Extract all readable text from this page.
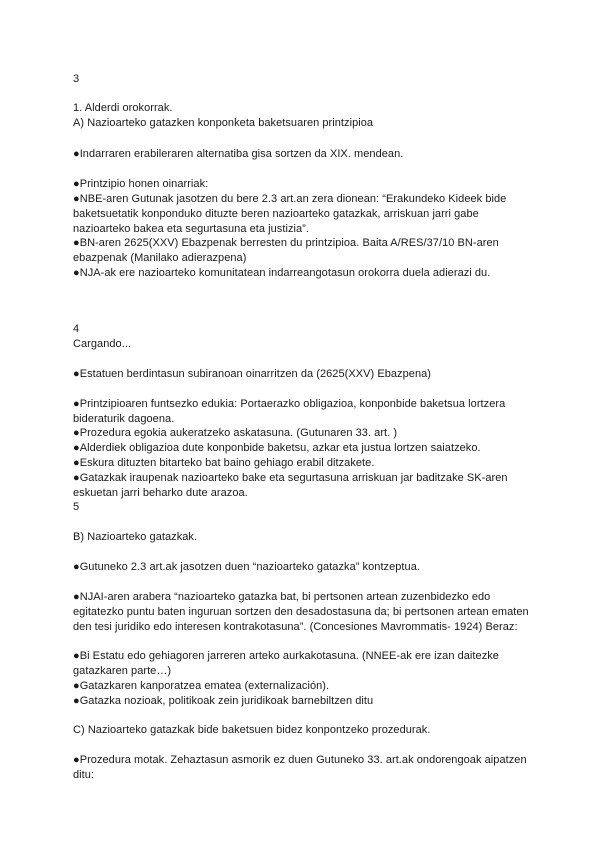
3
1. Alderdi orokorrak.
A) Nazioarteko gatazken konponketa baketsuaren printzipioa
●Indarraren erabileraren alternatiba gisa sortzen da XIX. mendean.
●Printzipio honen oinarriak:
●NBE-aren Gutunak jasotzen du bere 2.3 art.an zera dionean: “Erakundeko Kideek bide
baketsuetatik konponduko dituzte beren nazioarteko gatazkak, arriskuan jarri gabe
nazioarteko bakea eta segurtasuna eta justizia”.
●BN-aren 2625(XXV) Ebazpenak berresten du printzipioa. Baita A/RES/37/10 BN-aren
ebazpenak (Manilako adierazpena)
●NJA-ak ere nazioarteko komunitatean indarreangotasun orokorra duela adierazi du.
4
Cargando...
●Estatuen berdintasun subiranoan oinarritzen da (2625(XXV) Ebazpena)
●Printzipioaren funtsezko edukia: Portaerazko obligazioa, konponbide baketsua lortzera
bideraturik dagoena.
●Prozedura egokia aukeratzeko askatasuna. (Gutunaren 33. art. )
●Alderdiek obligazioa dute konponbide baketsu, azkar eta justua lortzen saiatzeko.
●Eskura dituzten bitarteko bat baino gehiago erabil ditzakete.
●Gatazkak iraupenak nazioarteko bake eta segurtasuna arriskuan jar baditzake SK-aren
eskuetan jarri beharko dute arazoa.
5
B) Nazioarteko gatazkak.
●Gutuneko 2.3 art.ak jasotzen duen “nazioarteko gatazka” kontzeptua.
●NJAI-aren arabera “nazioarteko gatazka bat, bi pertsonen artean zuzenbidezko edo
egitatezko puntu baten inguruan sortzen den desadostasuna da; bi pertsonen artean ematen
den tesi juridiko edo interesen kontrakotasuna”. (Concesiones Mavrommatis- 1924) Beraz:
●Bi Estatu edo gehiagoren jarreren arteko aurkakotasuna. (NNEE-ak ere izan daitezke
gatazkaren parte…)
●Gatazkaren kanporatzea ematea (externalización).
●Gatazka nozioak, politikoak zein juridikoak barnebiltzen ditu
C) Nazioarteko gatazkak bide baketsuen bidez konpontzeko prozedurak.
●Prozedura motak. Zehaztasun asmorik ez duen Gutuneko 33. art.ak ondorengoak aipatzen
ditu:
